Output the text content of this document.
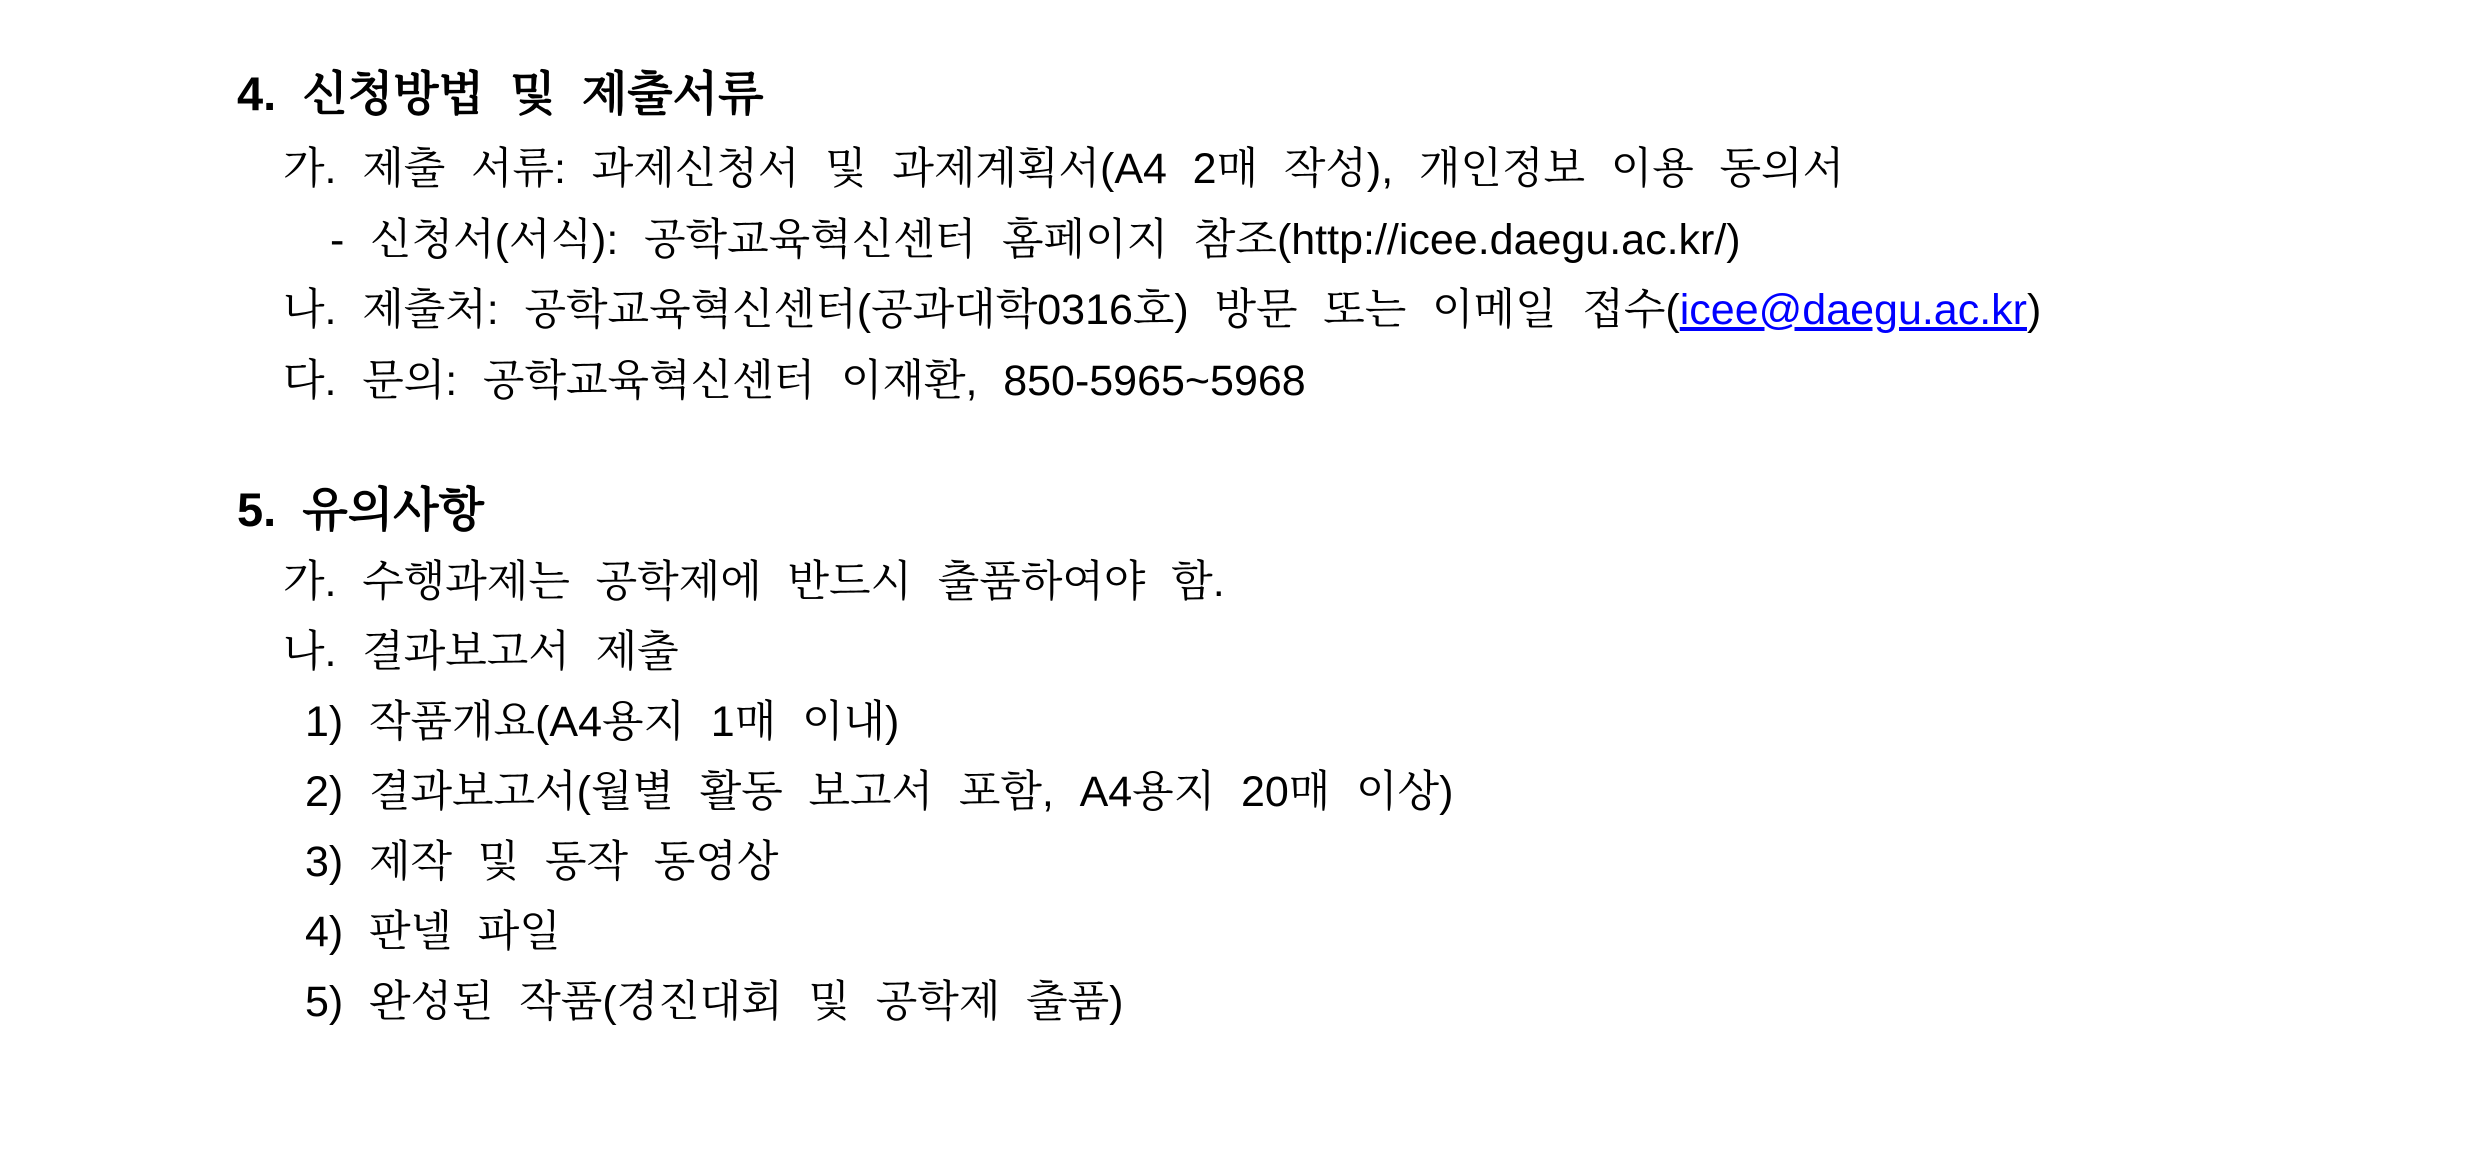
4. 신청방법 및 제출서류
가. 제출 서류: 과제신청서 및 과제계획서(A4 2매 작성), 개인정보 이용 동의서
- 신청서(서식): 공학교육혁신센터 홈페이지 참조(http://icee.daegu.ac.kr/)
나. 제출처: 공학교육혁신센터(공과대학0316호) 방문 또는 이메일 접수(icee@daegu.ac.kr)
다. 문의: 공학교육혁신센터 이재환, 850-5965~5968
5. 유의사항
가. 수행과제는 공학제에 반드시 출품하여야 함.
나. 결과보고서 제출
1) 작품개요(A4용지 1매 이내)
2) 결과보고서(월별 활동 보고서 포함, A4용지 20매 이상)
3) 제작 및 동작 동영상
4) 판넬 파일
5) 완성된 작품(경진대회 및 공학제 출품)
